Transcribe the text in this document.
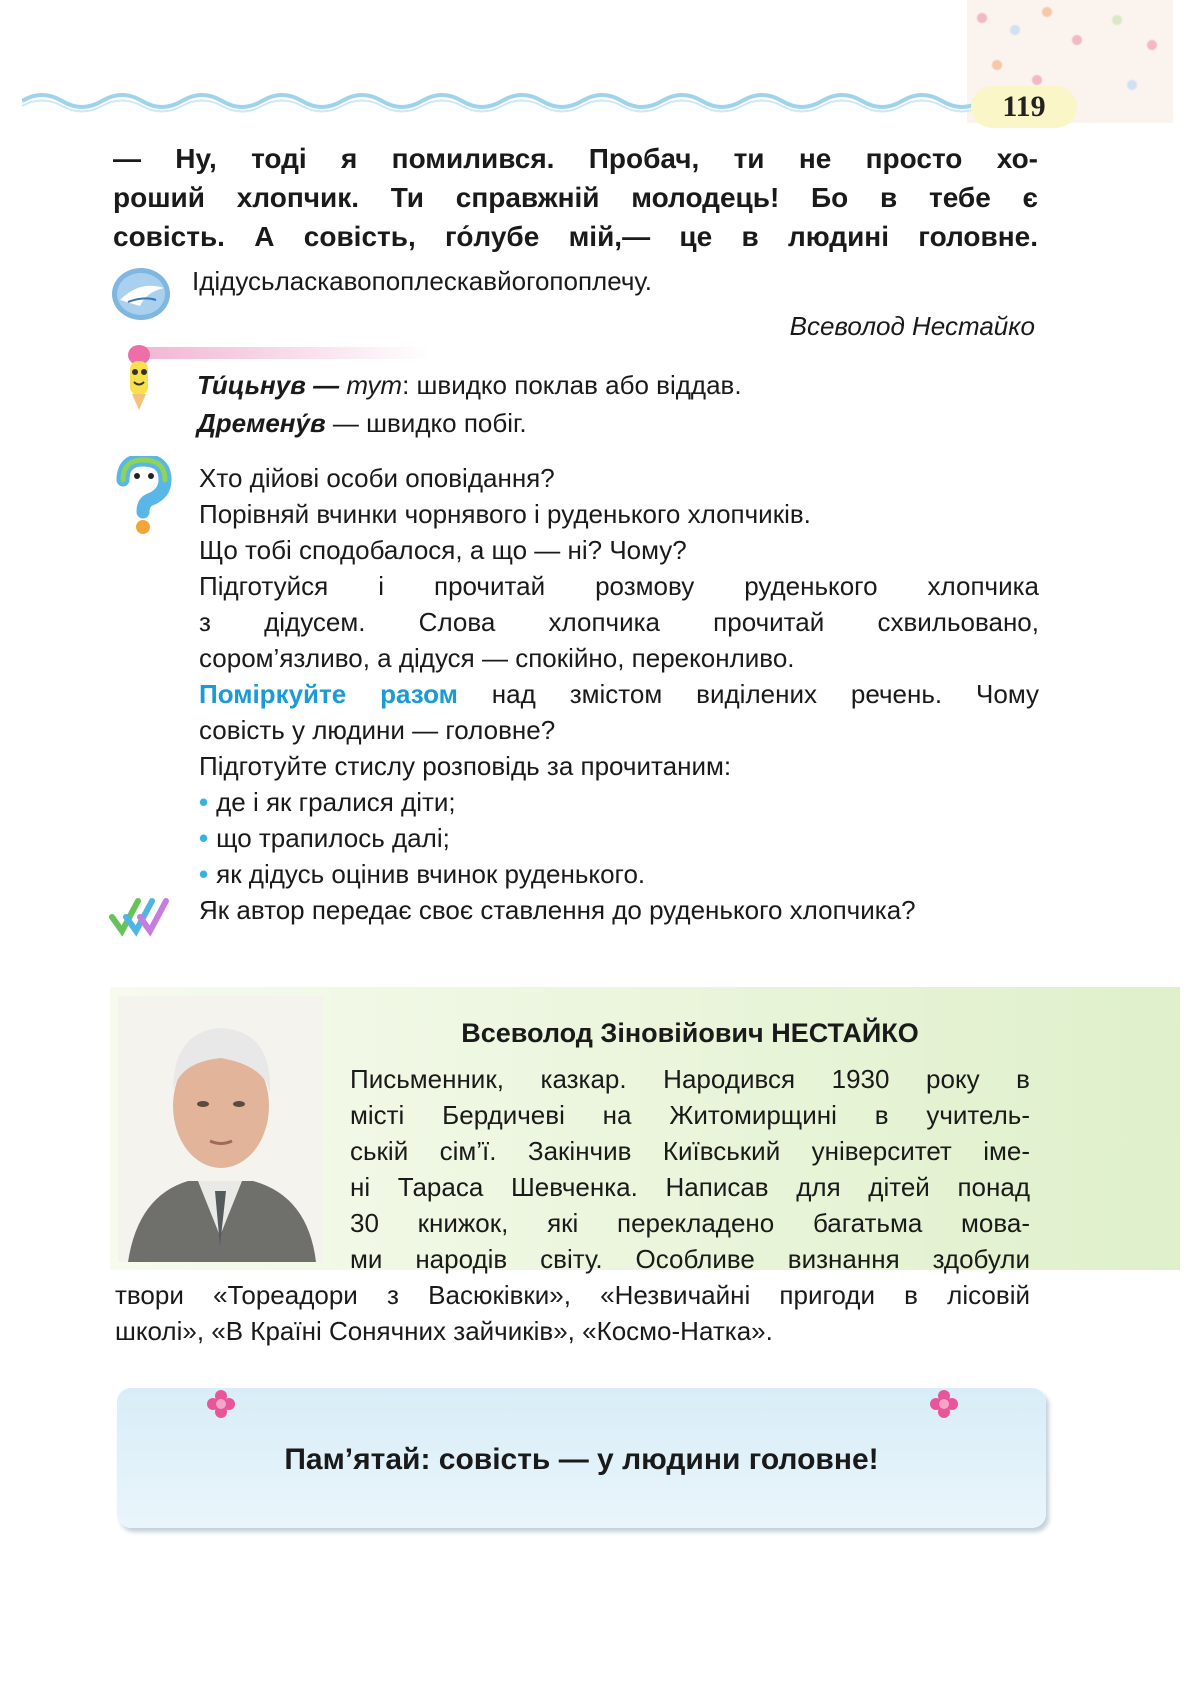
119

— Ну, тоді я помилився. Пробач, ти не просто хо-

роший хлопчик. Ти справжній молодець! Бо в тебе є

совість. А совість, го́лубе мій,— це в людині головне.

Ідідусьласкавопоплескавйогопоплечу.
Всеволод Нестайко

Ти́цьнув — тут: швидко поклав або віддав.

Дремену́в — швидко побіг.

Хто дійові особи оповідання?

Порівняй вчинки чорнявого і руденького хлопчиків.

Що тобі сподобалося, а що — ні? Чому?

Підготуйся і прочитай розмову руденького хлопчика

з дідусем. Слова хлопчика прочитай схвильовано,

сором’язливо, а дідуся — спокійно, переконливо.

Поміркуйте разом над змістом виділених речень. Чому

совість у людини — головне?

Підготуйте стислу розповідь за прочитаним:

• де і як гралися діти;

• що трапилось далі;

• як дідусь оцінив вчинок руденького.

Як автор передає своє ставлення до руденького хлопчика?

Всеволод Зіновійович НЕСТАЙКО

Письменник, казкар. Народився 1930 року в

місті Бердичеві на Житомирщині в учитель-

ській сім’ї. Закінчив Київський університет іме-

ні Тараса Шевченка. Написав для дітей понад

30 книжок, які перекладено багатьма мова-

ми народів світу. Особливе визнання здобули

твори «Тореадори з Васюківки», «Незвичайні пригоди в лісовій

школі», «В Країні Сонячних зайчиків», «Космо-Натка».

Пам’ятай: совість — у людини головне!
